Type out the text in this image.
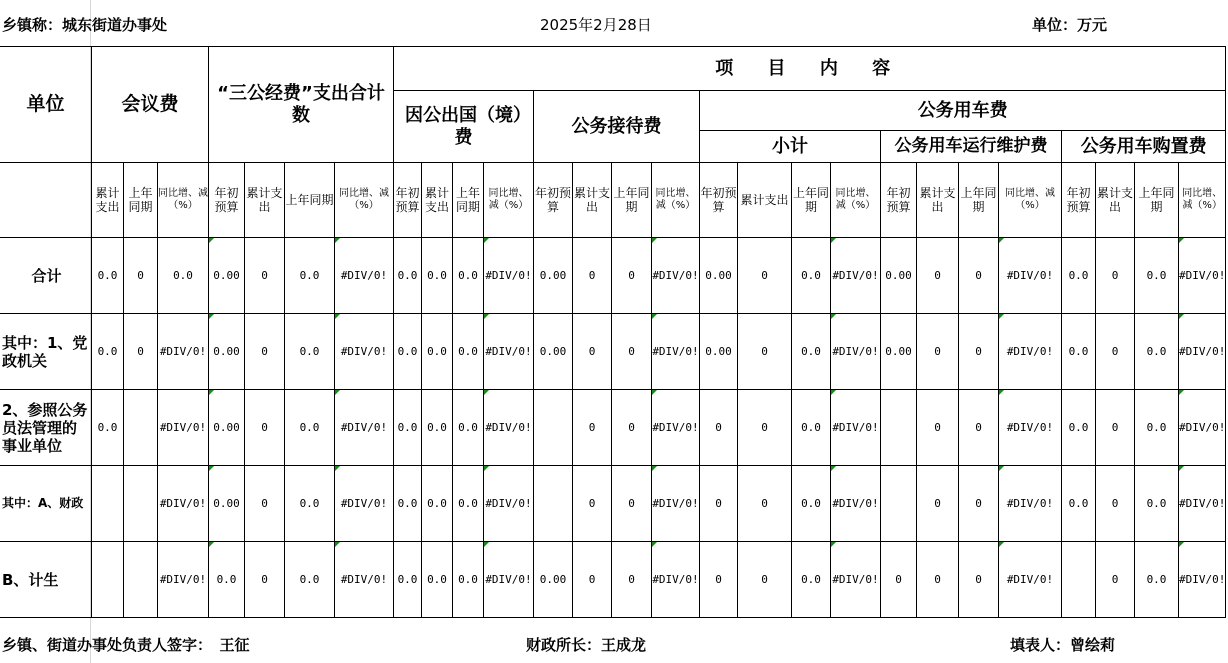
乡镇称：城东街道办事处	2025年2月28日	单位：万元
单位	会议费			“三公经费”支出合计数				项 目 内 容																			
								因公出国（境）费				公务接待费				公务用车费											
																小计				公务用车运行维护费				公务用车购置费			
	累计支出	上年同期	同比增、减（%）	年初预算	累计支出	上年同期	同比增、减（%）	年初预算	累计支出	上年同期	同比增、减（%）	年初预算	累计支出	上年同期	同比增、减（%）	年初预算	累计支出	上年同期	同比增、减（%）	年初预算	累计支出	上年同期	同比增、减（%）	年初预算	累计支出	上年同期	同比增、减（%）
合计	0.0	0	0.0	0.00	0	0.0	#DIV/0!	0.0	0.0	0.0	#DIV/0!	0.00	0	0	#DIV/0!	0.00	0	0.0	#DIV/0!	0.00	0	0	#DIV/0!	0.0	0	0.0	#DIV/0!
其中：1、党政机关	0.0	0	#DIV/0!	0.00	0	0.0	#DIV/0!	0.0	0.0	0.0	#DIV/0!	0.00	0	0	#DIV/0!	0.00	0	0.0	#DIV/0!	0.00	0	0	#DIV/0!	0.0	0	0.0	#DIV/0!
2、参照公务员法管理的事业单位	0.0		#DIV/0!	0.00	0	0.0	#DIV/0!	0.0	0.0	0.0	#DIV/0!		0	0	#DIV/0!	0	0	0.0	#DIV/0!		0	0	#DIV/0!	0.0	0	0.0	#DIV/0!
其中：A、财政			#DIV/0!	0.00	0	0.0	#DIV/0!	0.0	0.0	0.0	#DIV/0!		0	0	#DIV/0!	0	0	0.0	#DIV/0!		0	0	#DIV/0!	0.0	0	0.0	#DIV/0!
B、计生			#DIV/0!	0.0	0	0.0	#DIV/0!	0.0	0.0	0.0	#DIV/0!	0.00	0	0	#DIV/0!	0	0	0.0	#DIV/0!	0	0	0	#DIV/0!		0	0.0	#DIV/0!
乡镇、街道办事处负责人签字：　王征	财政所长：王成龙	填表人：曾绘莉
